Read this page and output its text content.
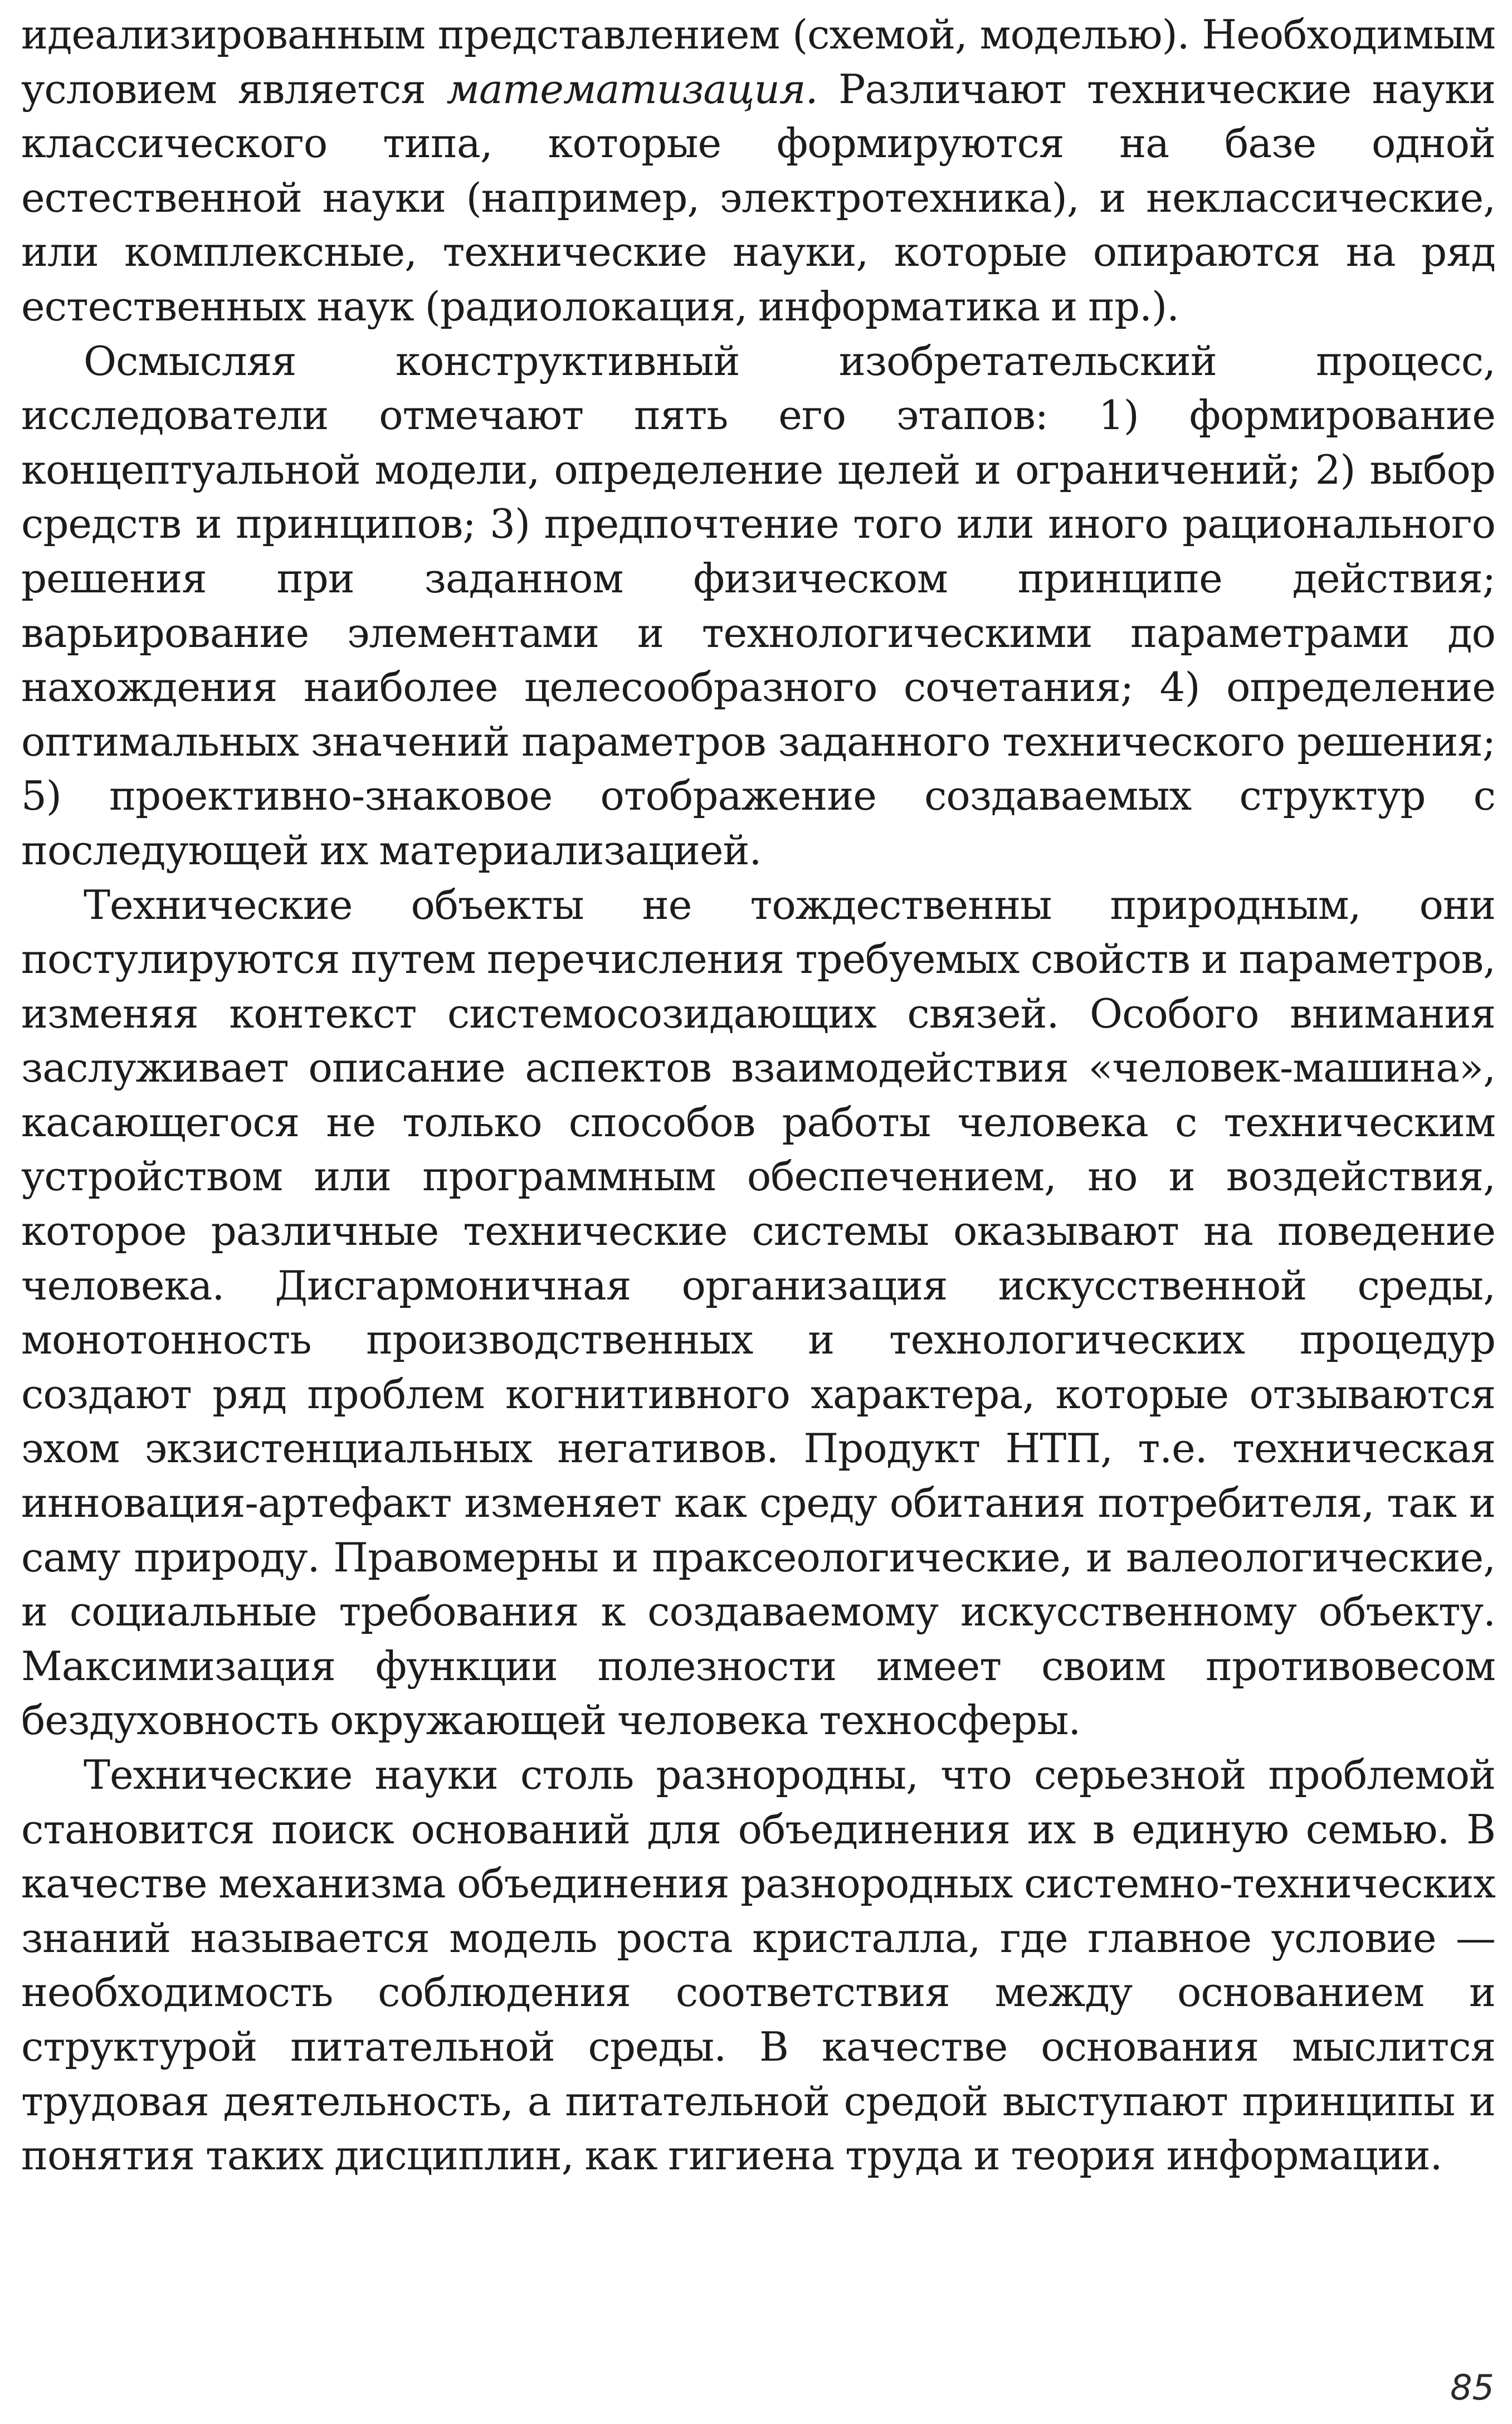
идеализированным представлением (схемой, моделью). Необходимым условием является математизация. Различают технические науки классического типа, которые формируются на базе одной естественной науки (например, электротехника), и неклассические, или комплексные, технические науки, которые опираются на ряд естественных наук (радиолокация, информатика и пр.).

Осмысляя конструктивный изобретательский процесс, исследователи отмечают пять его этапов: 1) формирование концептуальной модели, определение целей и ограничений; 2) выбор средств и принципов; 3) предпочтение того или иного рационального решения при заданном физическом принципе действия; варьирование элементами и технологическими параметрами до нахождения наиболее целесообразного сочетания; 4) определение оптимальных значений параметров заданного технического решения; 5) проективно-знаковое отображение создаваемых структур с последующей их материализацией.

Технические объекты не тождественны природным, они постулируются путем перечисления требуемых свойств и параметров, изменяя контекст системосозидающих связей. Особого внимания заслуживает описание аспектов взаимодействия «человек-машина», касающегося не только способов работы человека с техническим устройством или программным обеспечением, но и воздействия, которое различные технические системы оказывают на поведение человека. Дисгармоничная организация искусственной среды, монотонность производственных и технологических процедур создают ряд проблем когнитивного характера, которые отзываются эхом экзистенциальных негативов. Продукт НТП, т.е. техническая инновация-артефакт изменяет как среду обитания потребителя, так и саму природу. Правомерны и праксеологические, и валеологические, и социальные требования к создаваемому искусственному объекту. Максимизация функции полезности имеет своим противовесом бездуховность окружающей человека техносферы.

Технические науки столь разнородны, что серьезной проблемой становится поиск оснований для объединения их в единую семью. В качестве механизма объединения разнородных системно-технических знаний называется модель роста кристалла, где главное условие — необходимость соблюдения соответствия между основанием и структурой питательной среды. В качестве основания мыслится трудовая деятельность, а питательной средой выступают принципы и понятия таких дисциплин, как гигиена труда и теория информации.

85
